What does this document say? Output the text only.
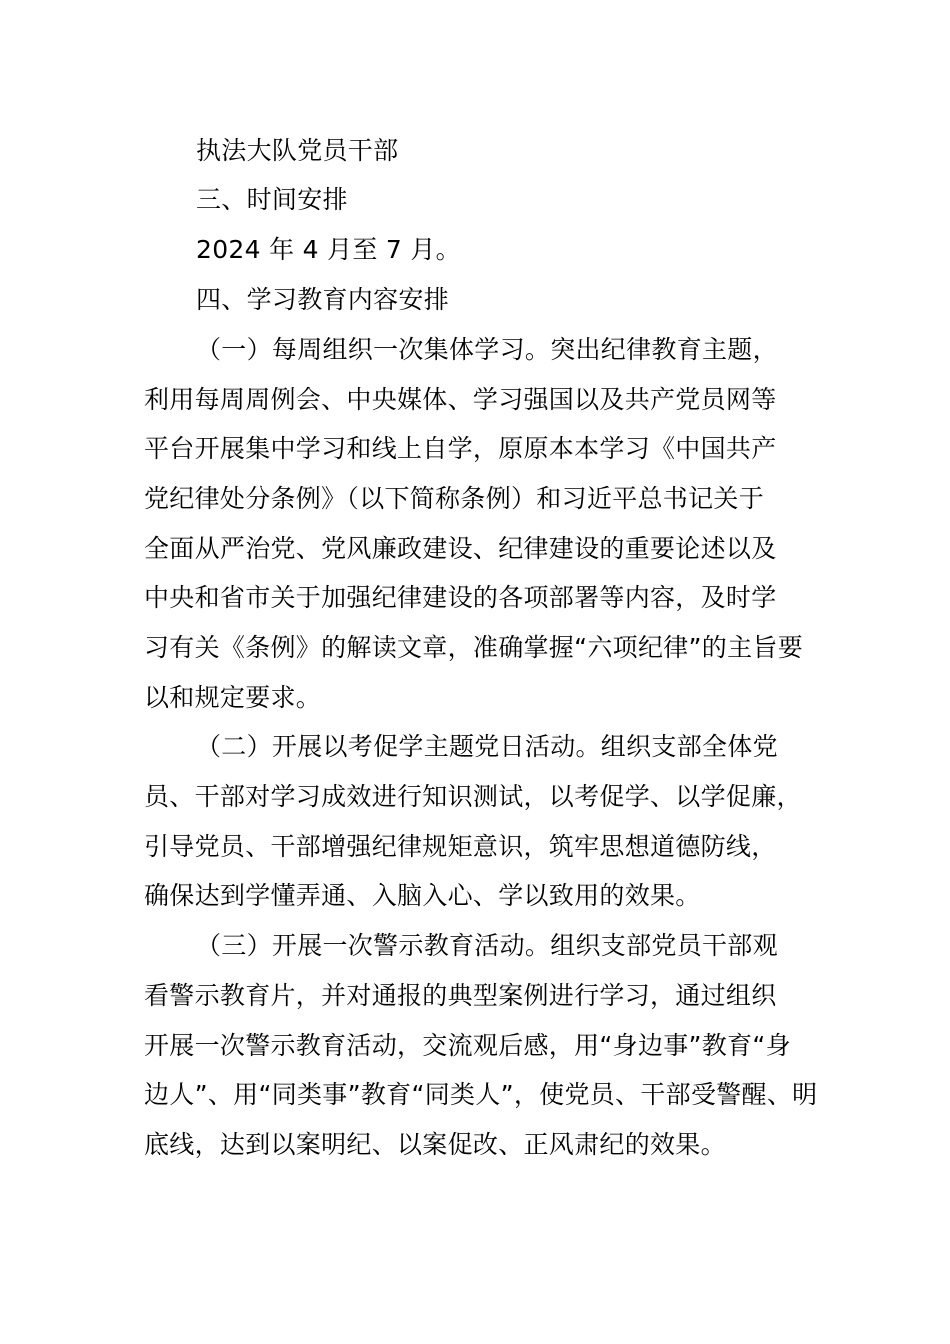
执法大队党员干部
三、时间安排
2024 年 4 月至 7 月。
四、学习教育内容安排
（一）每周组织一次集体学习。突出纪律教育主题，
利用每周周例会、中央媒体、学习强国以及共产党员网等
平台开展集中学习和线上自学，原原本本学习《中国共产
党纪律处分条例》（以下简称条例）和习近平总书记关于
全面从严治党、党风廉政建设、纪律建设的重要论述以及
中央和省市关于加强纪律建设的各项部署等内容，及时学
习有关《条例》的解读文章，准确掌握“六项纪律”的主旨要
以和规定要求。
（二）开展以考促学主题党日活动。组织支部全体党
员、干部对学习成效进行知识测试，以考促学、以学促廉，
引导党员、干部增强纪律规矩意识，筑牢思想道德防线，
确保达到学懂弄通、入脑入心、学以致用的效果。
（三）开展一次警示教育活动。组织支部党员干部观
看警示教育片，并对通报的典型案例进行学习，通过组织
开展一次警示教育活动，交流观后感，用“身边事”教育“身
边人”、用“同类事”教育“同类人”，使党员、干部受警醒、明
底线，达到以案明纪、以案促改、正风肃纪的效果。
